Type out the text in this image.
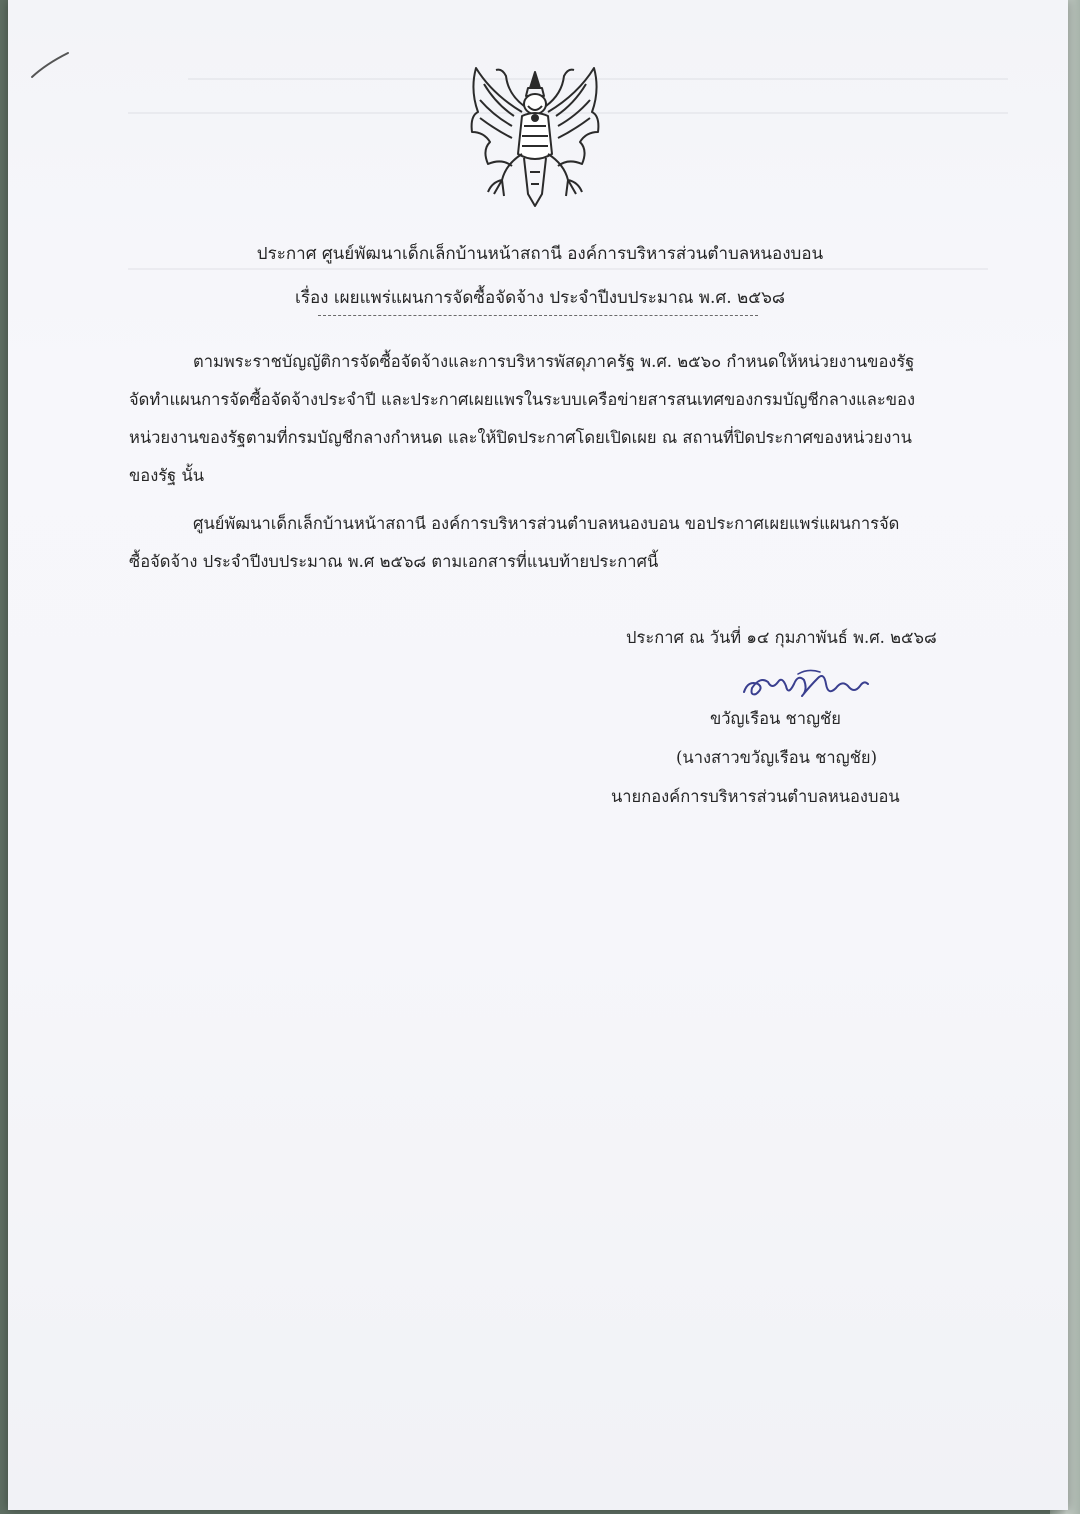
ประกาศ ศูนย์พัฒนาเด็กเล็กบ้านหน้าสถานี องค์การบริหารส่วนตำบลหนองบอน
เรื่อง เผยแพร่แผนการจัดซื้อจัดจ้าง ประจำปีงบประมาณ พ.ศ. ๒๕๖๘

ตามพระราชบัญญัติการจัดซื้อจัดจ้างและการบริหารพัสดุภาครัฐ พ.ศ. ๒๕๖๐ กำหนดให้หน่วยงานของรัฐ
จัดทำแผนการจัดซื้อจัดจ้างประจำปี และประกาศเผยแพรในระบบเครือข่ายสารสนเทศของกรมบัญชีกลางและของ
หน่วยงานของรัฐตามที่กรมบัญชีกลางกำหนด และให้ปิดประกาศโดยเปิดเผย ณ สถานที่ปิดประกาศของหน่วยงาน
ของรัฐ นั้น

ศูนย์พัฒนาเด็กเล็กบ้านหน้าสถานี องค์การบริหารส่วนตำบลหนองบอน ขอประกาศเผยแพร่แผนการจัด
ซื้อจัดจ้าง ประจำปีงบประมาณ พ.ศ ๒๕๖๘ ตามเอกสารที่แนบท้ายประกาศนี้

ประกาศ ณ วันที่ ๑๔ กุมภาพันธ์ พ.ศ. ๒๕๖๘
ขวัญเรือน ชาญชัย
(นางสาวขวัญเรือน ชาญชัย)
นายกองค์การบริหารส่วนตำบลหนองบอน
